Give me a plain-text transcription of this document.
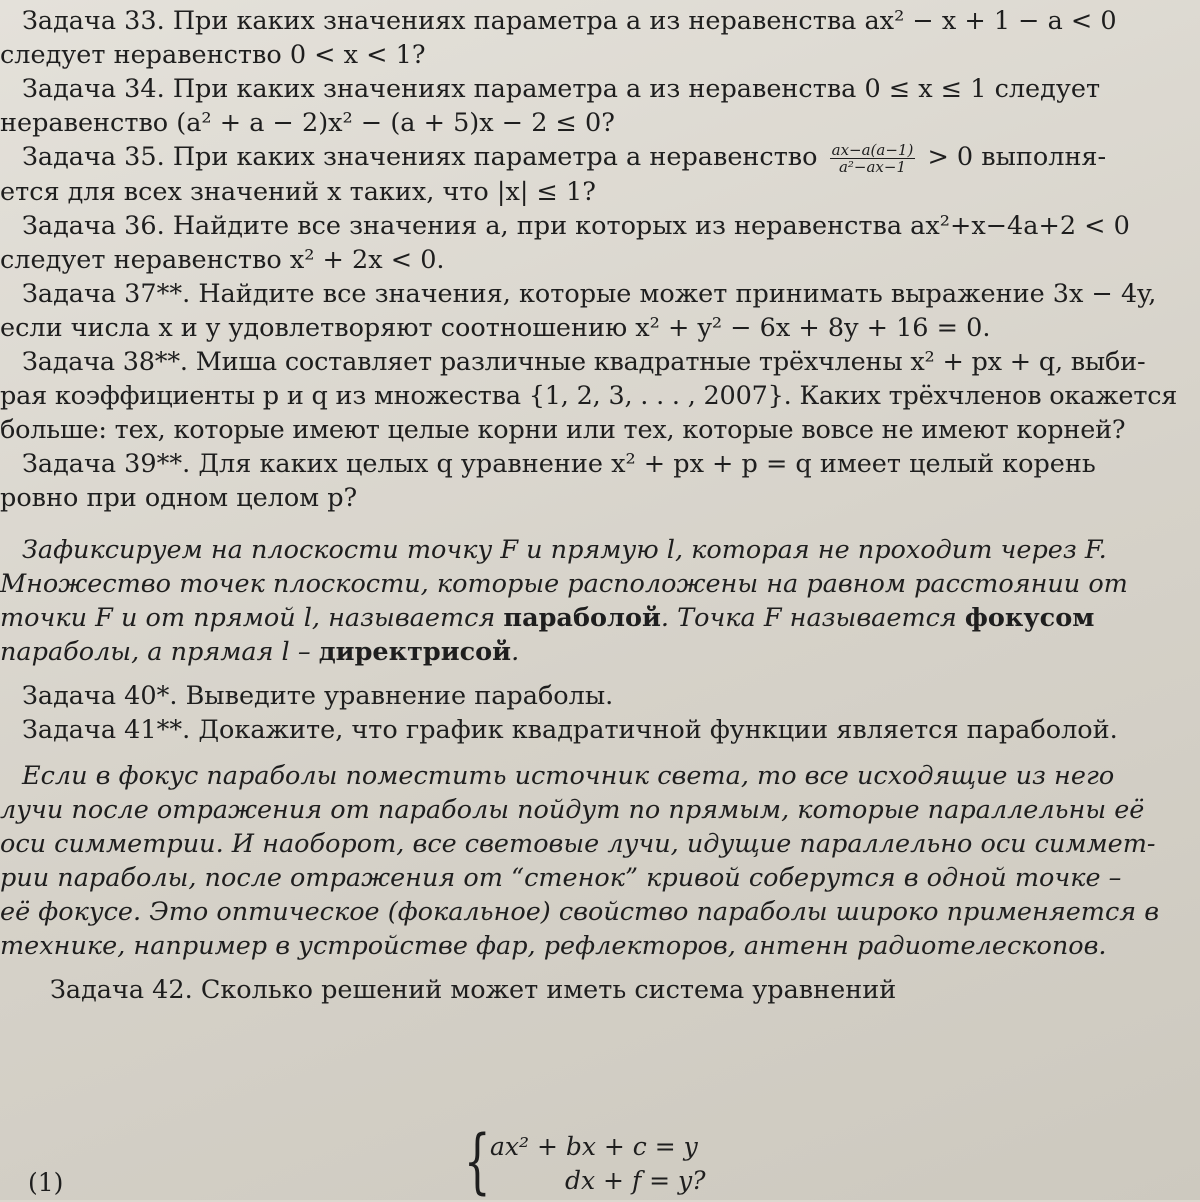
Задача 33. При каких значениях параметра a из неравенства ax² − x + 1 − a < 0
следует неравенство 0 < x < 1?
Задача 34. При каких значениях параметра a из неравенства 0 ≤ x ≤ 1 следует
неравенство (a² + a − 2)x² − (a + 5)x − 2 ≤ 0?
Задача 35. При каких значениях параметра a неравенство $\frac{ax-a(a-1)}{\text{a²−ax−1}} > 0$ выполня-
ется для всех значений x таких, что |x| ≤ 1?
Задача 36. Найдите все значения a, при которых из неравенства ax²+x−4a+2 < 0
следует неравенство x² + 2x < 0.
Задача 37**. Найдите все значения, которые может принимать выражение 3x − 4y,
если числа x и y удовлетворяют соотношению x² + y² − 6x + 8y + 16 = 0.
Задача 38**. Миша составляет различные квадратные трёхчлены x² + px + q, выби-
рая коэффициенты p и q из множества {1, 2, 3, . . . , 2007}. Каких трёхчленов окажется
больше: тех, которые имеют целые корни или тех, которые вовсе не имеют корней?
Задача 39**. Для каких целых q уравнение x² + px + p = q имеет целый корень
ровно при одном целом p?
Зафиксируем на плоскости точку F и прямую l, которая не проходит через F.
Множество точек плоскости, которые расположены на равном расстоянии от
точки F и от прямой l, называется параболой. Точка F называется фокусом
параболы, а прямая l – директрисой.
Задача 40*. Выведите уравнение параболы.
Задача 41**. Докажите, что график квадратичной функции является параболой.
Если в фокус параболы поместить источник света, то все исходящие из него
лучи после отражения от параболы пойдут по прямым, которые параллельны её
оси симметрии. И наоборот, все световые лучи, идущие параллельно оси симмет-
рии параболы, после отражения от “стенок” кривой соберутся в одной точке –
её фокусе. Это оптическое (фокальное) свойство параболы широко применяется в
технике, например в устройстве фар, рефлекторов, антенн радиотелескопов.
Задача 42. Сколько решений может иметь система уравнений
(1)	{ ax² + bx + c = y
dx + f = y?
